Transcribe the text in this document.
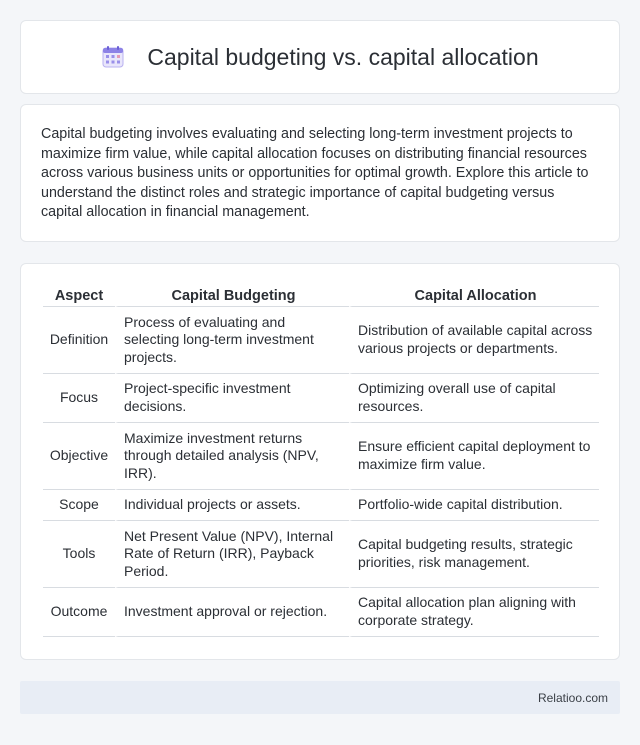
Capital budgeting vs. capital allocation

Capital budgeting involves evaluating and selecting long-term investment projects to maximize firm value, while capital allocation focuses on distributing financial resources across various business units or opportunities for optimal growth. Explore this article to understand the distinct roles and strategic importance of capital budgeting versus capital allocation in financial management.

Aspect	Capital Budgeting	Capital Allocation
Definition	Process of evaluating and selecting long-term investment projects.	Distribution of available capital across various projects or departments.
Focus	Project-specific investment decisions.	Optimizing overall use of capital resources.
Objective	Maximize investment returns through detailed analysis (NPV, IRR).	Ensure efficient capital deployment to maximize firm value.
Scope	Individual projects or assets.	Portfolio-wide capital distribution.
Tools	Net Present Value (NPV), Internal Rate of Return (IRR), Payback Period.	Capital budgeting results, strategic priorities, risk management.
Outcome	Investment approval or rejection.	Capital allocation plan aligning with corporate strategy.
Relatioo.com
